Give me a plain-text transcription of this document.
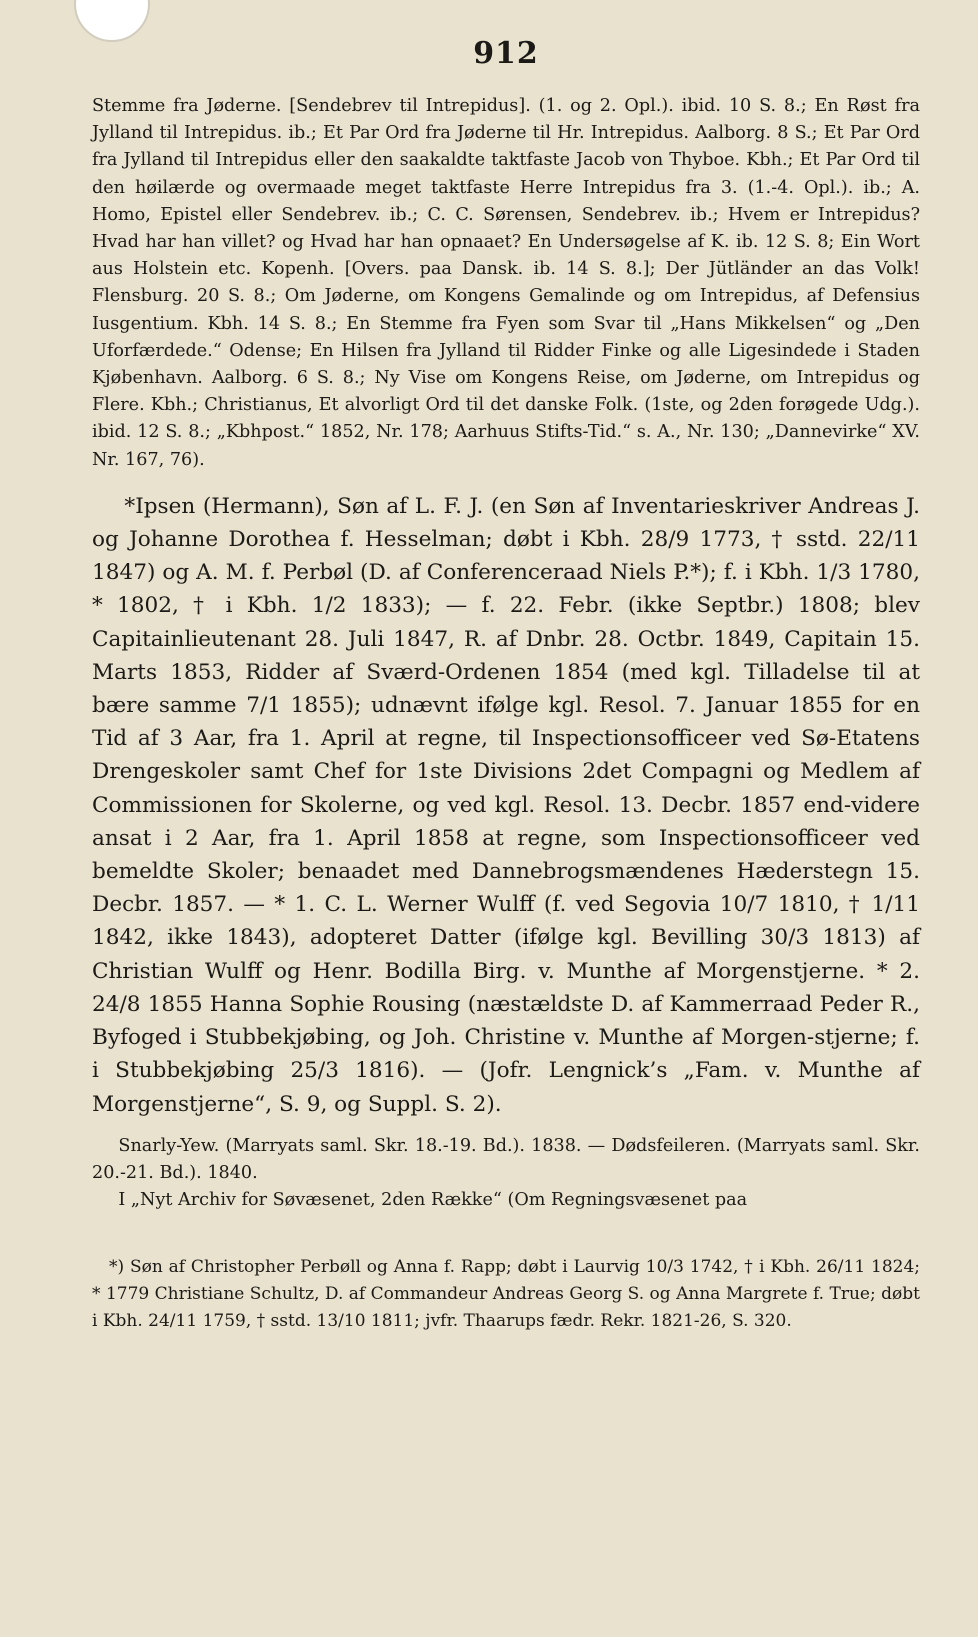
912

Stemme fra Jøderne. [Sendebrev til Intrepidus]. (1. og 2. Opl.). ibid. 10 S. 8.; En Røst fra Jylland til Intrepidus. ib.; Et Par Ord fra Jøderne til Hr. Intrepidus. Aalborg. 8 S.; Et Par Ord fra Jylland til Intrepidus eller den saakaldte taktfaste Jacob von Thyboe. Kbh.; Et Par Ord til den høilærde og overmaade meget taktfaste Herre Intrepidus fra 3. (1.-4. Opl.). ib.; A. Homo, Epistel eller Sendebrev. ib.; C. C. Sørensen, Sendebrev. ib.; Hvem er Intrepidus? Hvad har han villet? og Hvad har han opnaaet? En Undersøgelse af K. ib. 12 S. 8; Ein Wort aus Holstein etc. Kopenh. [Overs. paa Dansk. ib. 14 S. 8.]; Der Jütländer an das Volk! Flensburg. 20 S. 8.; Om Jøderne, om Kongens Gemalinde og om Intrepidus, af Defensius Iusgentium. Kbh. 14 S. 8.; En Stemme fra Fyen som Svar til „Hans Mikkelsen“ og „Den Uforfærdede.“ Odense; En Hilsen fra Jylland til Ridder Finke og alle Ligesindede i Staden Kjøbenhavn. Aalborg. 6 S. 8.; Ny Vise om Kongens Reise, om Jøderne, om Intrepidus og Flere. Kbh.; Christianus, Et alvorligt Ord til det danske Folk. (1ste, og 2den forøgede Udg.). ibid. 12 S. 8.; „Kbhpost.“ 1852, Nr. 178; Aarhuus Stifts-Tid.“ s. A., Nr. 130; „Dannevirke“ XV. Nr. 167, 76).

*Ipsen (Hermann), Søn af L. F. J. (en Søn af Inventarieskriver Andreas J. og Johanne Dorothea f. Hesselman; døbt i Kbh. 28/9 1773, † sstd. 22/11 1847) og A. M. f. Perbøl (D. af Conferenceraad Niels P.*); f. i Kbh. 1/3 1780, * 1802, † i Kbh. 1/2 1833); — f. 22. Febr. (ikke Septbr.) 1808; blev Capitainlieutenant 28. Juli 1847, R. af Dnbr. 28. Octbr. 1849, Capitain 15. Marts 1853, Ridder af Sværd-Ordenen 1854 (med kgl. Tilladelse til at bære samme 7/1 1855); udnævnt ifølge kgl. Resol. 7. Januar 1855 for en Tid af 3 Aar, fra 1. April at regne, til Inspectionsofficeer ved Sø-Etatens Drengeskoler samt Chef for 1ste Divisions 2det Compagni og Medlem af Commissionen for Skolerne, og ved kgl. Resol. 13. Decbr. 1857 end-videre ansat i 2 Aar, fra 1. April 1858 at regne, som Inspectionsofficeer ved bemeldte Skoler; benaadet med Dannebrogsmændenes Hæderstegn 15. Decbr. 1857. — * 1. C. L. Werner Wulff (f. ved Segovia 10/7 1810, † 1/11 1842, ikke 1843), adopteret Datter (ifølge kgl. Bevilling 30/3 1813) af Christian Wulff og Henr. Bodilla Birg. v. Munthe af Morgenstjerne. * 2. 24/8 1855 Hanna Sophie Rousing (næstældste D. af Kammerraad Peder R., Byfoged i Stubbekjøbing, og Joh. Christine v. Munthe af Morgen-stjerne; f. i Stubbekjøbing 25/3 1816). — (Jofr. Lengnick’s „Fam. v. Munthe af Morgenstjerne“, S. 9, og Suppl. S. 2).

Snarly-Yew. (Marryats saml. Skr. 18.-19. Bd.). 1838. — Dødsfeileren. (Marryats saml. Skr. 20.-21. Bd.). 1840.

I „Nyt Archiv for Søvæsenet, 2den Række“ (Om Regningsvæsenet paa

*) Søn af Christopher Perbøll og Anna f. Rapp; døbt i Laurvig 10/3 1742, † i Kbh. 26/11 1824; * 1779 Christiane Schultz, D. af Commandeur Andreas Georg S. og Anna Margrete f. True; døbt i Kbh. 24/11 1759, † sstd. 13/10 1811; jvfr. Thaarups fædr. Rekr. 1821-26, S. 320.
